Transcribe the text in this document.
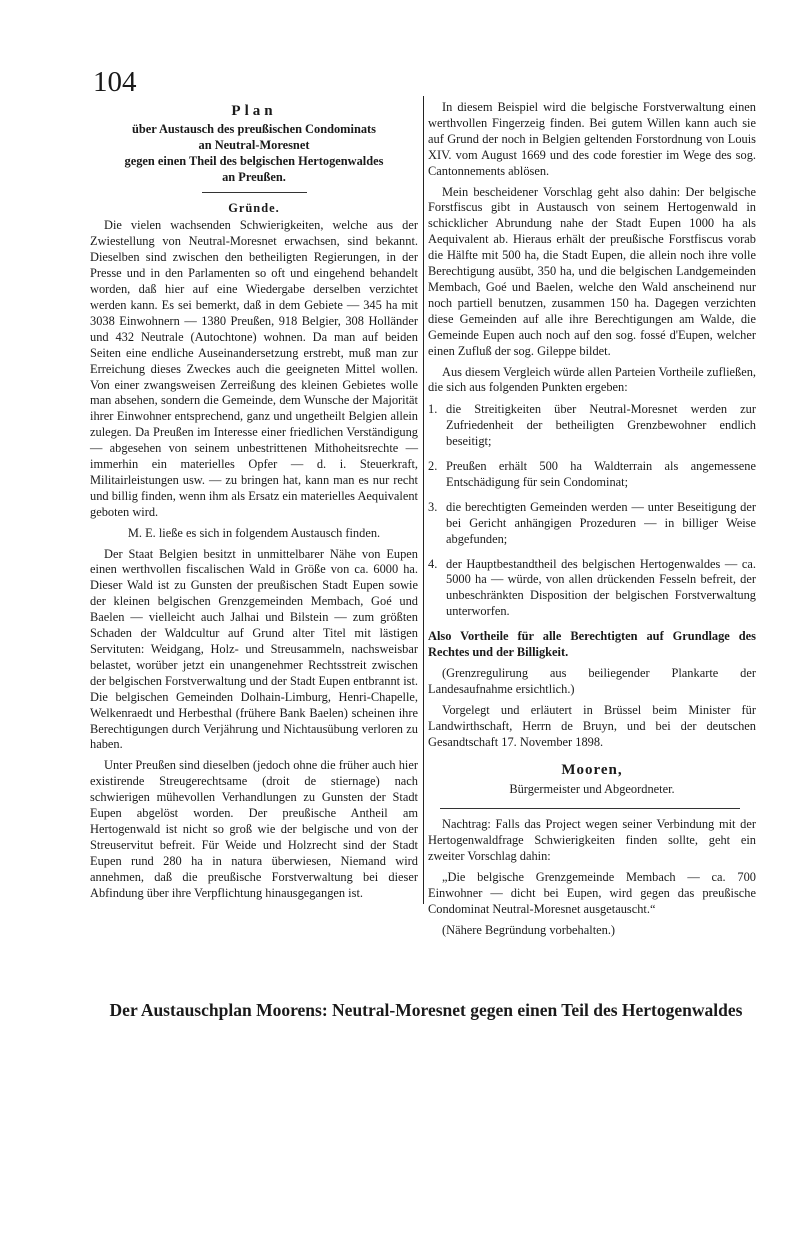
104
Plan
über Austausch des preußischen Condominats
an Neutral-Moresnet
gegen einen Theil des belgischen Hertogenwaldes
an Preußen.
Gründe.

Die vielen wachsenden Schwierigkeiten, welche aus der Zwiestellung von Neutral-Moresnet erwachsen, sind bekannt. Dieselben sind zwischen den betheiligten Regierungen, in der Presse und in den Parlamenten so oft und eingehend behandelt worden, daß hier auf eine Wiedergabe derselben verzichtet werden kann. Es sei bemerkt, daß in dem Gebiete — 345 ha mit 3038 Einwohnern — 1380 Preußen, 918 Belgier, 308 Holländer und 432 Neutrale (Autochtone) wohnen. Da man auf beiden Seiten eine endliche Auseinandersetzung erstrebt, muß man zur Erreichung dieses Zweckes auch die geeigneten Mittel wollen. Von einer zwangsweisen Zerreißung des kleinen Gebietes wolle man absehen, sondern die Gemeinde, dem Wunsche der Majorität ihrer Einwohner entsprechend, ganz und ungetheilt Belgien allein zulegen. Da Preußen im Interesse einer friedlichen Verständigung — abgesehen von seinem unbestrittenen Mithoheitsrechte — immerhin ein materielles Opfer — d. i. Steuerkraft, Militairleistungen usw. — zu bringen hat, kann man es nur recht und billig finden, wenn ihm als Ersatz ein materielles Aequivalent geboten wird.

M. E. ließe es sich in folgendem Austausch finden.

Der Staat Belgien besitzt in unmittelbarer Nähe von Eupen einen werthvollen fiscalischen Wald in Größe von ca. 6000 ha. Dieser Wald ist zu Gunsten der preußischen Stadt Eupen sowie der kleinen belgischen Grenzgemeinden Membach, Goé und Baelen — vielleicht auch Jalhai und Bilstein — zum größten Schaden der Waldcultur auf Grund alter Titel mit lästigen Servituten: Weidgang, Holz- und Streusammeln, nachsweisbar belastet, worüber jetzt ein unangenehmer Rechtsstreit zwischen der belgischen Forstverwaltung und der Stadt Eupen entbrannt ist. Die belgischen Gemeinden Dolhain-Limburg, Henri-Chapelle, Welkenraedt und Herbesthal (frühere Bank Baelen) scheinen ihre Berechtigungen durch Verjährung und Nichtausübung verloren zu haben.

Unter Preußen sind dieselben (jedoch ohne die früher auch hier existirende Streugerechtsame (droit de stiernage) nach schwierigen mühevollen Verhandlungen zu Gunsten der Stadt Eupen abgelöst worden. Der preußische Antheil am Hertogenwald ist nicht so groß wie der belgische und von der Streuservitut befreit. Für Weide und Holzrecht sind der Stadt Eupen rund 280 ha in natura überwiesen, Niemand wird annehmen, daß die preußische Forstverwaltung bei dieser Abfindung über ihre Verpflichtung hinausgegangen ist.

In diesem Beispiel wird die belgische Forstverwaltung einen werthvollen Fingerzeig finden. Bei gutem Willen kann auch sie auf Grund der noch in Belgien geltenden Forstordnung von Louis XIV. vom August 1669 und des code forestier im Wege des sog. Cantonnements ablösen.

Mein bescheidener Vorschlag geht also dahin: Der belgische Forstfiscus gibt in Austausch von seinem Hertogenwald in schicklicher Abrundung nahe der Stadt Eupen 1000 ha als Aequivalent ab. Hieraus erhält der preußische Forstfiscus vorab die Hälfte mit 500 ha, die Stadt Eupen, die allein noch ihre volle Berechtigung ausübt, 350 ha, und die belgischen Landgemeinden Membach, Goé und Baelen, welche den Wald anscheinend nur noch partiell benutzen, zusammen 150 ha. Dagegen verzichten diese Gemeinden auf alle ihre Berechtigungen am Walde, die Gemeinde Eupen auch noch auf den sog. fossé d'Eupen, welcher einen Zufluß der sog. Gileppe bildet.

Aus diesem Vergleich würde allen Parteien Vortheile zufließen, die sich aus folgenden Punkten ergeben:

1. die Streitigkeiten über Neutral-Moresnet werden zur Zufriedenheit der betheiligten Grenzbewohner endlich beseitigt;
2. Preußen erhält 500 ha Waldterrain als angemessene Entschädigung für sein Condominat;
3. die berechtigten Gemeinden werden — unter Beseitigung der bei Gericht anhängigen Prozeduren — in billiger Weise abgefunden;
4. der Hauptbestandtheil des belgischen Hertogenwaldes — ca. 5000 ha — würde, von allen drückenden Fesseln befreit, der unbeschränkten Disposition der belgischen Forstverwaltung unterworfen.

Also Vortheile für alle Berechtigten auf Grundlage des Rechtes und der Billigkeit.

(Grenzregulirung aus beiliegender Plankarte der Landesaufnahme ersichtlich.)

Vorgelegt und erläutert in Brüssel beim Minister für Landwirthschaft, Herrn de Bruyn, und bei der deutschen Gesandtschaft 17. November 1898.

Mooren,
Bürgermeister und Abgeordneter.

Nachtrag: Falls das Project wegen seiner Verbindung mit der Hertogenwaldfrage Schwierigkeiten finden sollte, geht ein zweiter Vorschlag dahin:

„Die belgische Grenzgemeinde Membach — ca. 700 Einwohner — dicht bei Eupen, wird gegen das preußische Condominat Neutral-Moresnet ausgetauscht.“

(Nähere Begründung vorbehalten.)

Der Austauschplan Moorens: Neutral-Moresnet gegen einen Teil des Hertogenwaldes
